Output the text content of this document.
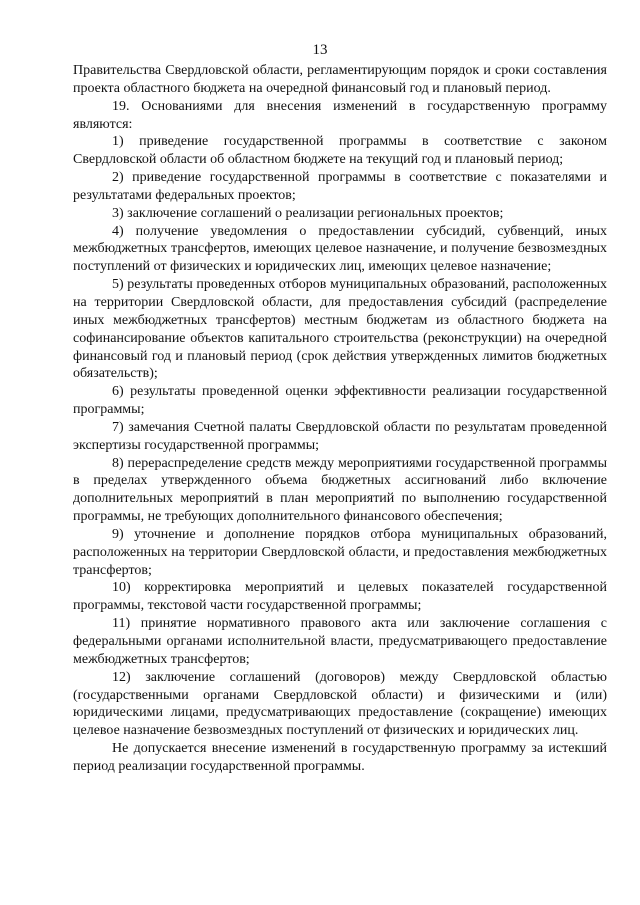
13

Правительства Свердловской области, регламентирующим порядок и сроки составления проекта областного бюджета на очередной финансовый год и плановый период.

19. Основаниями для внесения изменений в государственную программу являются:

1) приведение государственной программы в соответствие с законом Свердловской области об областном бюджете на текущий год и плановый период;

2) приведение государственной программы в соответствие с показателями и результатами федеральных проектов;

3) заключение соглашений о реализации региональных проектов;

4) получение уведомления о предоставлении субсидий, субвенций, иных межбюджетных трансфертов, имеющих целевое назначение, и получение безвозмездных поступлений от физических и юридических лиц, имеющих целевое назначение;

5) результаты проведенных отборов муниципальных образований, расположенных на территории Свердловской области, для предоставления субсидий (распределение иных межбюджетных трансфертов) местным бюджетам из областного бюджета на софинансирование объектов капитального строительства (реконструкции) на очередной финансовый год и плановый период (срок действия утвержденных лимитов бюджетных обязательств);

6) результаты проведенной оценки эффективности реализации государственной программы;

7) замечания Счетной палаты Свердловской области по результатам проведенной экспертизы государственной программы;

8) перераспределение средств между мероприятиями государственной программы в пределах утвержденного объема бюджетных ассигнований либо включение дополнительных мероприятий в план мероприятий по выполнению государственной программы, не требующих дополнительного финансового обеспечения;

9) уточнение и дополнение порядков отбора муниципальных образований, расположенных на территории Свердловской области, и предоставления межбюджетных трансфертов;

10) корректировка мероприятий и целевых показателей государственной программы, текстовой части государственной программы;

11) принятие нормативного правового акта или заключение соглашения с федеральными органами исполнительной власти, предусматривающего предоставление межбюджетных трансфертов;

12) заключение соглашений (договоров) между Свердловской областью (государственными органами Свердловской области) и физическими и (или) юридическими лицами, предусматривающих предоставление (сокращение) имеющих целевое назначение безвозмездных поступлений от физических и юридических лиц.

Не допускается внесение изменений в государственную программу за истекший период реализации государственной программы.
